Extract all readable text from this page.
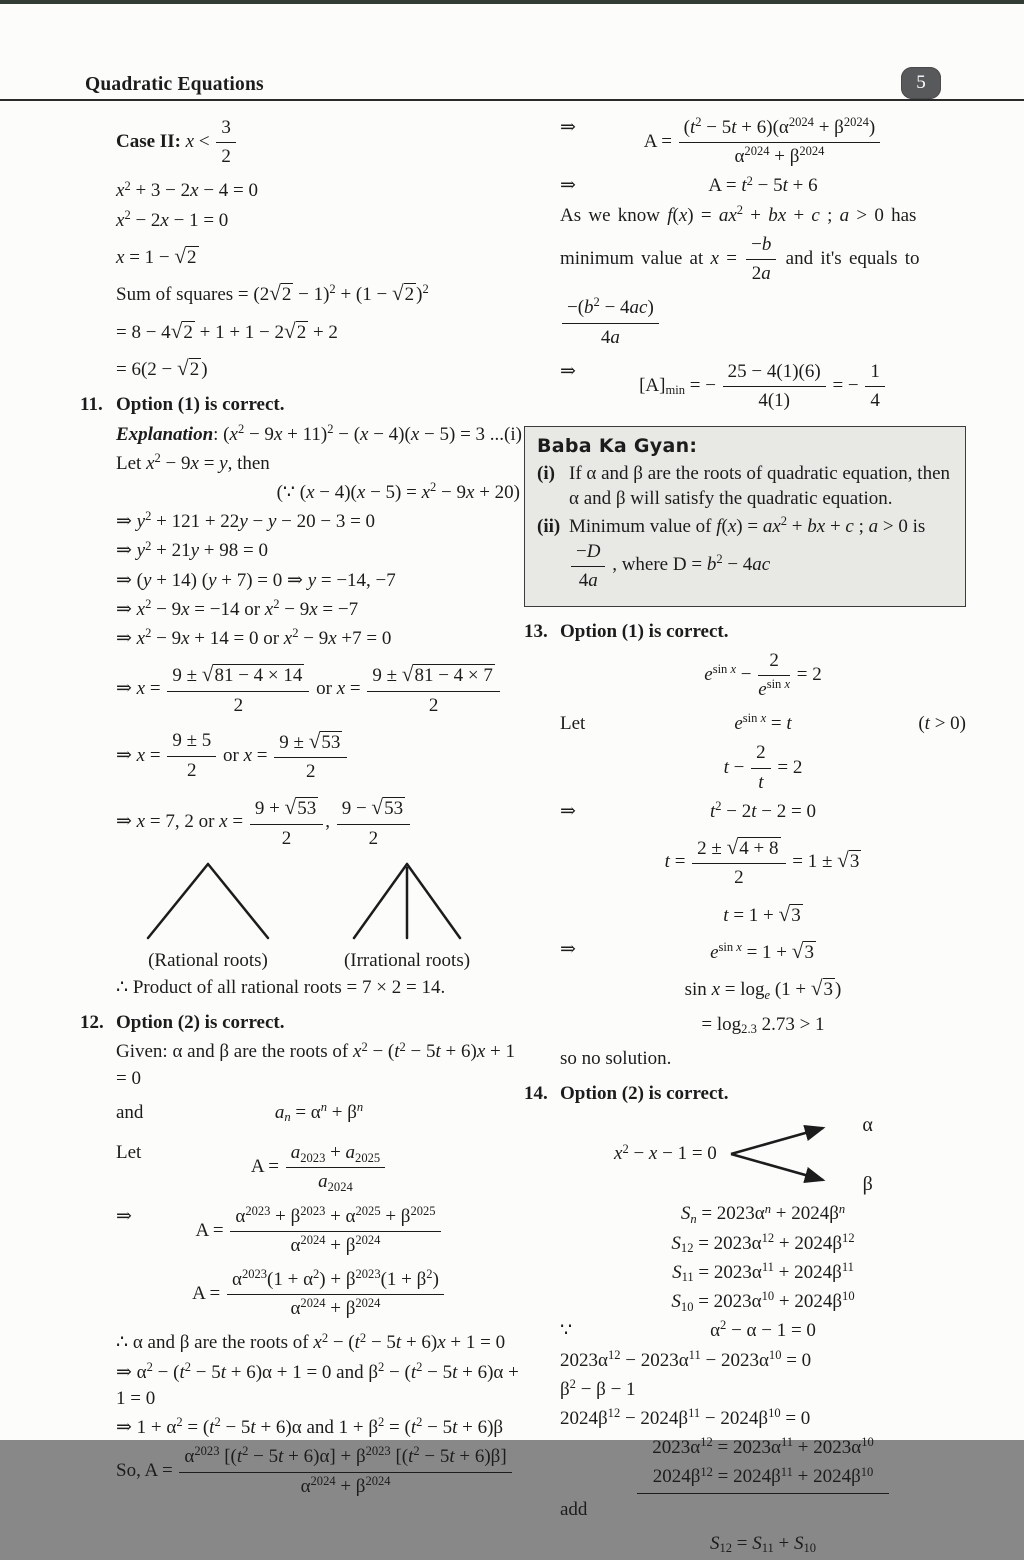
Quadratic Equations	5
Case II: $x < \frac{3}{2}$
$x^2 + 3 - 2x - 4 = 0$
$x^2 - 2x - 1 = 0$
x = 1 − √2
Sum of squares = $(2√2 - 1)^2 + (1 - √2$ )$^2$
= 8 − 4√2 + 1 + 1 − 2√2 + 2
= 6(2 − √2 )
11. Option (1) is correct.
Explanation: $(x^2 - 9x + 11)^2 - (x - 4)(x - 5) = 3$ ...(i)
Let $x^2 - 9x = y$, then
(∵ $(x - 4)(x - 5) = x^2 - 9x + 20$)
⇒ $y^2 + 121 + 22y - y - 20 - 3 = 0$
⇒ $y^2 + 21y + 98 = 0$
⇒ (y + 14) (y + 7) = 0 ⇒ y = −14, −7
⇒ $x^2 - 9x = -14$ or $x^2 - 9x = -7$
⇒ $x^2 - 9x + 14 = 0$ or $x^2 - 9x +7 = 0$
⇒ $x = \frac{9 \pm √81 - 4 \times 14}{2}$ or $x = \frac{9 \pm √81 - 4 \times 7}{2}$
⇒ $x = \frac{9 \pm 5}{2}$ or $x = \frac{9 \pm √53}{2}$
⇒ x = 7, 2 or $x = \frac{9 + √53}{2}$ , $\frac{9 - √53}{2}$
(Rational roots)	(Irrational roots)
∴ Product of all rational roots = 7 × 2 = 14.
12. Option (2) is correct.
Given: α and β are the roots of $x^2 - (t^2 - 5t + 6)x + 1 = 0$
and	$a_n = \alpha^n + \beta^n$
Let
$A = \frac{a_{2023} + a_{2025}}{a_{2024}}$
⇒
$A = \frac{\alpha^{2023} + \beta^{2023} + \alpha^{2025} + \beta^{2025}}{\alpha^{2024} + \beta^{2024}}$
$A = \frac{\alpha^{2023}(1 + \alpha^2) + \beta^{2023}(1 + \beta^2)}{\alpha^{2024} + \beta^{2024}}$
∴ α and β are the roots of $x^2 - (t^2 - 5t + 6)x + 1 = 0$
⇒ $\alpha^2 - (t^2 - 5t + 6)\alpha + 1 = 0$ and $\beta^2 - (t^2 - 5t + 6)\alpha + 1 = 0$
⇒ $1 + \alpha^2 = (t^2 - 5t + 6)\alpha$ and $1 + \beta^2 = (t^2 - 5t + 6)\beta$
So, $A = \frac{\alpha^{2023} [(t^2 - 5t + 6)\alpha] + \beta^{2023} [(t^2 - 5t + 6)\beta]}{\alpha^{2024} + \beta^{2024}}$
⇒
$A = \frac{(t^2 - 5t + 6)(\alpha^{2024} + \beta^{2024})}{\alpha^{2024} + \beta^{2024}}$
⇒	$A = t^2 - 5t + 6$
As we know $f(x) = ax^2$ + bx + c ; a > 0 has
minimum value at $x = \frac{-b}{2a}$ and it's equals to
$\frac{-(b^2 - 4ac)}{4a}$
⇒
$[A]_{min}$ = − $\frac{25 - 4(1)(6)}{4(1)}$ = − $\frac{1}{4}$
Baba Ka Gyan:
(i) If α and β are the roots of quadratic equation, then α and β will satisfy the quadratic equation.
(ii) Minimum value of $f(x) = ax^2$ + bx + c ; a > 0 is
$\frac{-D}{4a}$ , where $D = b^2 - 4ac$
13. Option (1) is correct.
$e^{sin x} - \frac{2}{e^{sin x}} = 2$
Let	$e^{sin x} = t$	(t > 0)
$t - \frac{2}{t} = 2$
⇒	$t^2 - 2t - 2 = 0$
$t = \frac{2 \pm √4 + 8}{2} = 1 \pm √3$
t = 1 + √3
⇒	$e^{sin x} = 1 + √3$
$\sin x = \log_e (1 + √3$ )
= $\log_{2.3} 2.73 > 1$
so no solution.
14. Option (2) is correct.
$x^2 - x - 1 = 0$
α
β
$S_n = 2023\alpha^n + 2024\beta^n$
$S_{12} = 2023\alpha^{12} + 2024\beta^{12}$
$S_{11} = 2023\alpha^{11} + 2024\beta^{11}$
$S_{10} = 2023\alpha^{10} + 2024\beta^{10}$
∵	$\alpha^2 - \alpha - 1 = 0$
$2023\alpha^{12} - 2023\alpha^{11} - 2023\alpha^{10} = 0$
$\beta^2 - \beta - 1$
$2024\beta^{12} - 2024\beta^{11} - 2024\beta^{10} = 0$
$2023\alpha^{12} = 2023\alpha^{11} + 2023\alpha^{10}$
$2024\beta^{12} = 2024\beta^{11} + 2024\beta^{10}$
add
$S_{12} = S_{11} + S_{10}$
